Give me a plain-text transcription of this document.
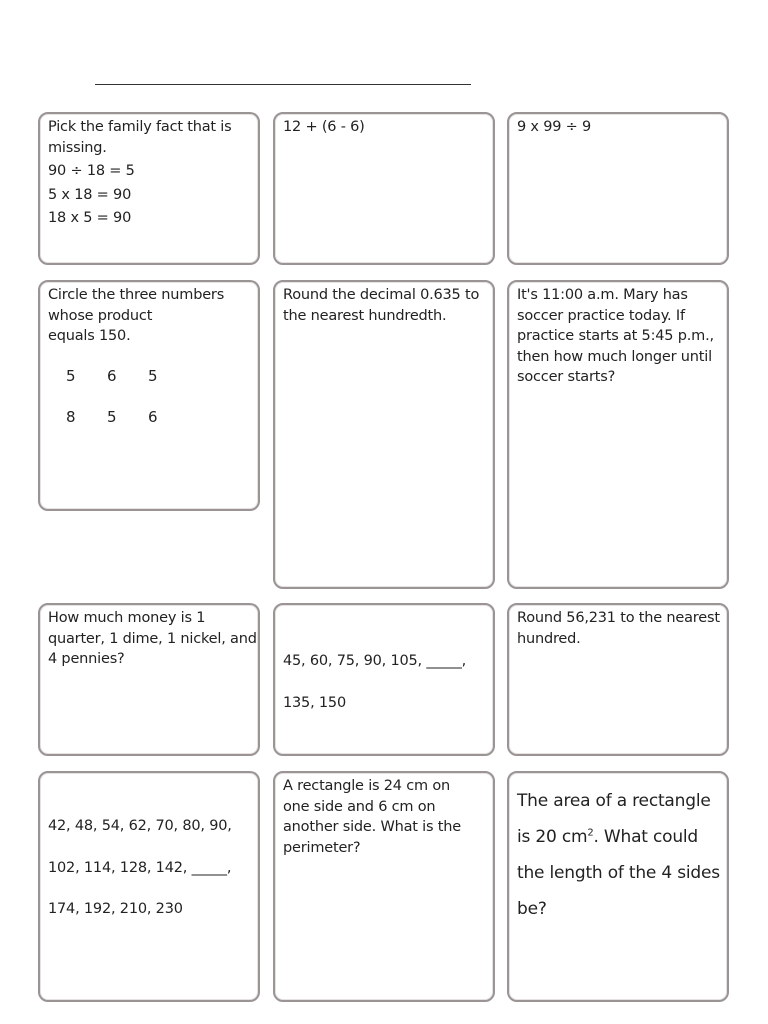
Pick the family fact that is
missing.
90 ÷ 18 = 5
5 x 18 = 90
18 x 5 = 90
12 + (6 - 6)	9 x 99 ÷ 9
Circle the three numbers
whose product
equals 150.
5 6 5
8 5 6
Round the decimal 0.635 to
the nearest hundredth.
It's 11:00 a.m. Mary has
soccer practice today. If
practice starts at 5:45 p.m.,
then how much longer until
soccer starts?
How much money is 1
quarter, 1 dime, 1 nickel, and
4 pennies?	45, 60, 75, 90, 105, _____,
135, 150
Round 56,231 to the nearest
hundred.
42, 48, 54, 62, 70, 80, 90,
102, 114, 128, 142, _____,
174, 192, 210, 230
A rectangle is 24 cm on
one side and 6 cm on
another side. What is the
perimeter?
The area of a rectangle
is 20 $cm^2$. What could
the length of the 4 sides
be?
